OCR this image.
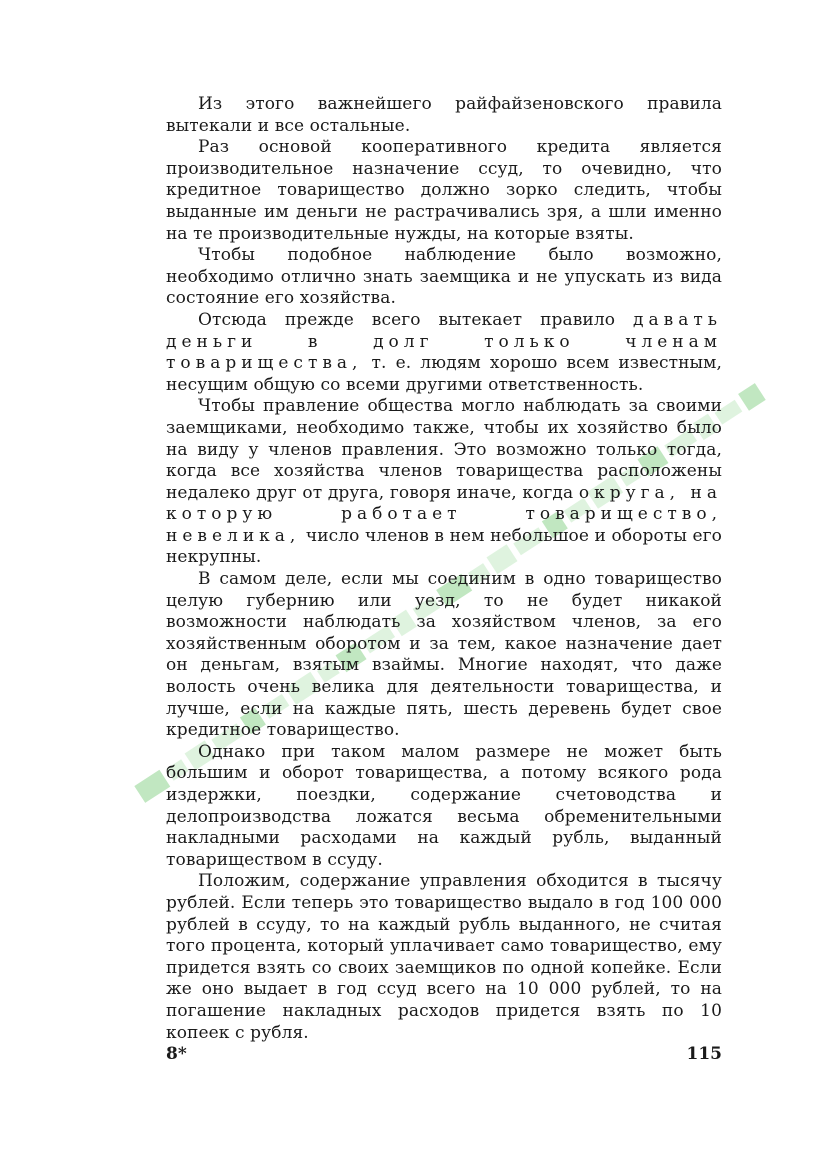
Из этого важнейшего райфайзеновского правила вытекали и все остальные.

Раз основой кооперативного кредита является производительное назначение ссуд, то очевидно, что кредитное товарищество должно зорко следить, чтобы выданные им деньги не растрачивались зря, а шли именно на те производительные нужды, на которые взяты.

Чтобы подобное наблюдение было возможно, необходимо отлично знать заемщика и не упускать из вида состояние его хозяйства.

Отсюда прежде всего вытекает правило давать деньги в долг только членам товарищества, т. е. людям хорошо всем известным, несущим общую со всеми другими ответственность.

Чтобы правление общества могло наблюдать за своими заемщиками, необходимо также, чтобы их хозяйство было на виду у членов правления. Это возможно только тогда, когда все хозяйства членов товарищества расположены недалеко друг от друга, говоря иначе, когда округа, на которую работает товарищество, невелика, число членов в нем небольшое и обороты его некрупны.

В самом деле, если мы соединим в одно товарищество целую губернию или уезд, то не будет никакой возможности наблюдать за хозяйством членов, за его хозяйственным оборотом и за тем, какое назначение дает он деньгам, взятым взаймы. Многие находят, что даже волость очень велика для деятельности товарищества, и лучше, если на каждые пять, шесть деревень будет свое кредитное товарищество.

Однако при таком малом размере не может быть большим и оборот товарищества, а потому всякого рода издержки, поездки, содержание счетоводства и делопроизводства ложатся весьма обременительными накладными расходами на каждый рубль, выданный товариществом в ссуду.

Положим, содержание управления обходится в тысячу рублей. Если теперь это товарищество выдало в год 100 000 рублей в ссуду, то на каждый рубль выданного, не считая того процента, который уплачивает само товарищество, ему придется взять со своих заемщиков по одной копейке. Если же оно выдает в год ссуд всего на 10 000 рублей, то на погашение накладных расходов придется взять по 10 копеек с рубля.

8*	115
